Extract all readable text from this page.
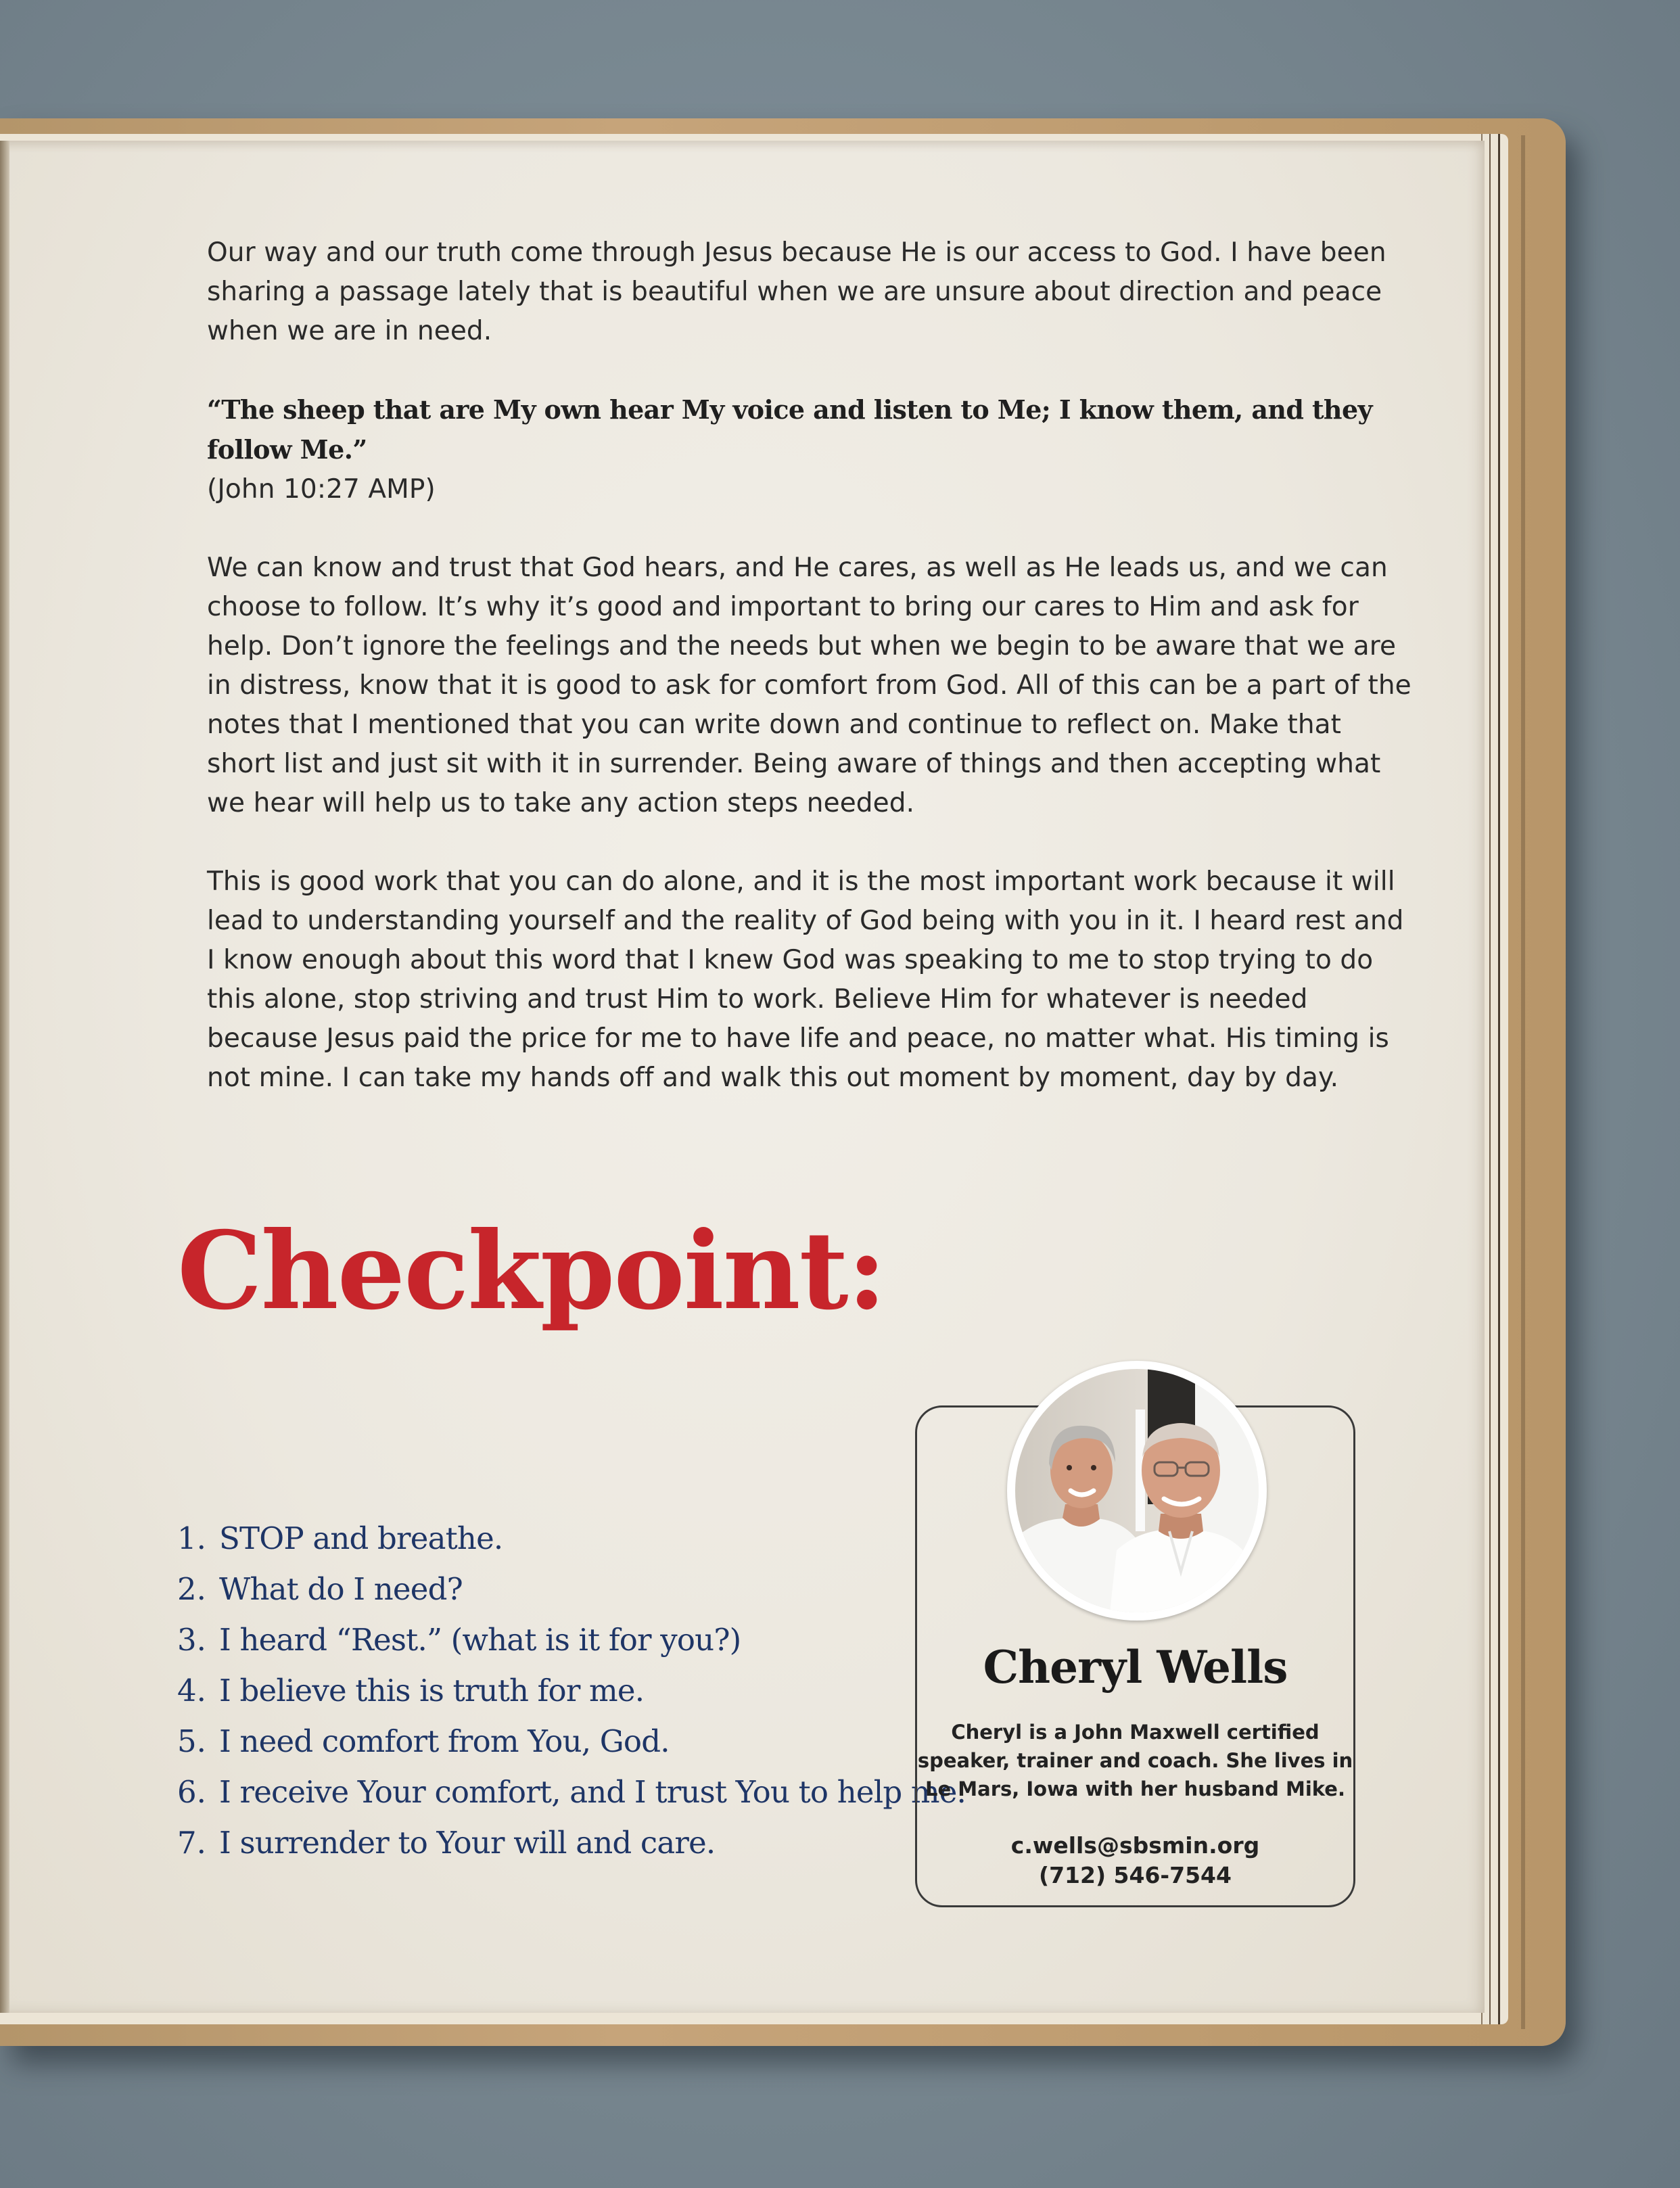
Our way and our truth come through Jesus because He is our access to God. I have been sharing a passage lately that is beautiful when we are unsure about direction and peace when we are in need.

“The sheep that are My own hear My voice and listen to Me; I know them, and they follow Me.”
(John 10:27 AMP)

We can know and trust that God hears, and He cares, as well as He leads us, and we can choose to follow. It’s why it’s good and important to bring our cares to Him and ask for help. Don’t ignore the feelings and the needs but when we begin to be aware that we are in distress, know that it is good to ask for comfort from God. All of this can be a part of the notes that I mentioned that you can write down and continue to reflect on. Make that short list and just sit with it in surrender. Being aware of things and then accepting what we hear will help us to take any action steps needed.

This is good work that you can do alone, and it is the most important work because it will lead to understanding yourself and the reality of God being with you in it. I heard rest and I know enough about this word that I knew God was speaking to me to stop trying to do this alone, stop striving and trust Him to work. Believe Him for whatever is needed because Jesus paid the price for me to have life and peace, no matter what. His timing is not mine. I can take my hands off and walk this out moment by moment, day by day.

Checkpoint:
1. STOP and breathe.
2. What do I need?
3. I heard “Rest.” (what is it for you?)
4. I believe this is truth for me.
5. I need comfort from You, God.
6. I receive Your comfort, and I trust You to help me.
7. I surrender to Your will and care.
Cheryl Wells
Cheryl is a John Maxwell certified speaker, trainer and coach. She lives in Le Mars, Iowa with her husband Mike.
c.wells@sbsmin.org
(712) 546-7544
